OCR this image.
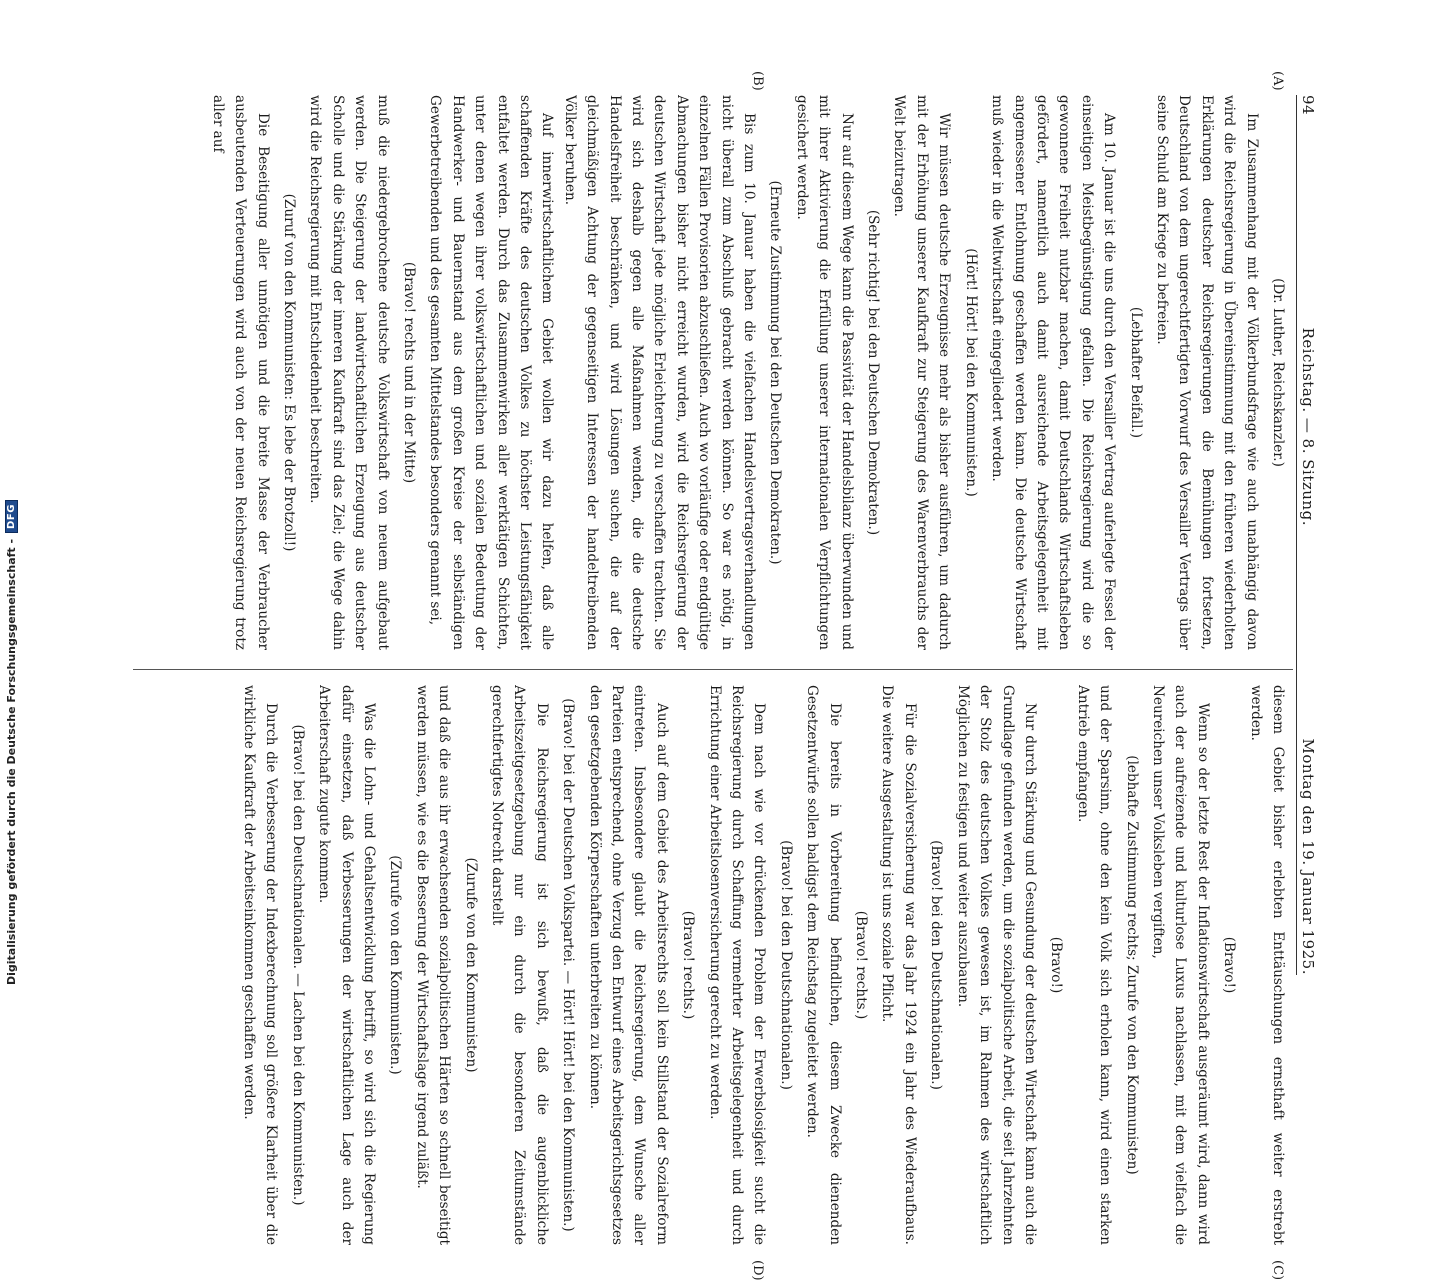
94
Reichstag. — 8. Sitzung.
Montag den 19. Januar 1925.
(A)
(B)
(C)
(D)

(Dr. Luther, Reichskanzler.)

Im Zusammenhang mit der Völkerbundsfrage wie auch unabhängig davon wird die Reichsregierung in Übereinstimmung mit den früheren wiederholten Erklärungen deutscher Reichsregierungen die Bemühungen fortsetzen, Deutschland von dem ungerechtfertigten Vorwurf des Versailler Vertrags über seine Schuld am Kriege zu befreien.

(Lebhafter Beifall.)

Am 10. Januar ist die uns durch den Versailler Vertrag auferlegte Fessel der einseitigen Meistbegünstigung gefallen. Die Reichsregierung wird die so gewonnene Freiheit nutzbar machen, damit Deutschlands Wirtschaftsleben gefördert, namentlich auch damit ausreichende Arbeitsgelegenheit mit angemessener Entlohnung geschaffen werden kann. Die deutsche Wirtschaft muß wieder in die Weltwirtschaft eingegliedert werden.

(Hört! Hört! bei den Kommunisten.)

Wir müssen deutsche Erzeugnisse mehr als bisher ausführen, um dadurch mit der Erhöhung unserer Kaufkraft zur Steigerung des Warenverbrauchs der Welt beizutragen.

(Sehr richtig! bei den Deutschen Demokraten.)

Nur auf diesem Wege kann die Passivität der Handelsbilanz überwunden und mit ihrer Aktivierung die Erfüllung unserer internationalen Verpflichtungen gesichert werden.

(Erneute Zustimmung bei den Deutschen Demokraten.)

Bis zum 10. Januar haben die vielfachen Handelsvertragsverhandlungen nicht überall zum Abschluß gebracht werden können. So war es nötig, in einzelnen Fällen Provisorien abzuschließen. Auch wo vorläufige oder endgültige Abmachungen bisher nicht erreicht wurden, wird die Reichsregierung der deutschen Wirtschaft jede mögliche Erleichterung zu verschaffen trachten. Sie wird sich deshalb gegen alle Maßnahmen wenden, die die deutsche Handelsfreiheit beschränken, und wird Lösungen suchen, die auf der gleichmäßigen Achtung der gegenseitigen Interessen der handeltreibenden Völker beruhen.

Auf innerwirtschaftlichem Gebiet wollen wir dazu helfen, daß alle schaffenden Kräfte des deutschen Volkes zu höchster Leistungsfähigkeit entfaltet werden. Durch das Zusammenwirken aller werktätigen Schichten, unter denen wegen ihrer volkswirtschaftlichen und sozialen Bedeutung der Handwerker- und Bauernstand aus dem großen Kreise der selbständigen Gewerbetreibenden und des gesamten Mittelstandes besonders genannt sei,

(Bravo! rechts und in der Mitte)

muß die niedergebrochene deutsche Volkswirtschaft von neuem aufgebaut werden. Die Steigerung der landwirtschaftlichen Erzeugung aus deutscher Scholle und die Stärkung der inneren Kaufkraft sind das Ziel; die Wege dahin wird die Reichsregierung mit Entschiedenheit beschreiten.

(Zuruf von den Kommunisten: Es lebe der Brotzoll!)

Die Beseitigung aller unnötigen und die breite Masse der Verbraucher ausbeutenden Verteuerungen wird auch von der neuen Reichsregierung trotz aller auf

diesem Gebiet bisher erlebten Enttäuschungen ernsthaft weiter erstrebt werden.

(Bravo!)

Wenn so der letzte Rest der Inflationswirtschaft ausgeräumt wird, dann wird auch der aufreizende und kulturlose Luxus nachlassen, mit dem vielfach die Neureichen unser Volksleben vergiften,

(lebhafte Zustimmung rechts; Zurufe von den Kommunisten)

und der Sparsinn, ohne den kein Volk sich erholen kann, wird einen starken Antrieb empfangen.

(Bravo!)

Nur durch Stärkung und Gesundung der deutschen Wirtschaft kann auch die Grundlage gefunden werden, um die sozialpolitische Arbeit, die seit Jahrzehnten der Stolz des deutschen Volkes gewesen ist, im Rahmen des wirtschaftlich Möglichen zu festigen und weiter auszubauen.

(Bravo! bei den Deutschnationalen.)

Für die Sozialversicherung war das Jahr 1924 ein Jahr des Wiederaufbaus. Die weitere Ausgestaltung ist uns soziale Pflicht.

(Bravo! rechts.)

Die bereits in Vorbereitung befindlichen, diesem Zwecke dienenden Gesetzentwürfe sollen baldigst dem Reichstag zugeleitet werden.

(Bravo! bei den Deutschnationalen.)

Dem nach wie vor drückenden Problem der Erwerbslosigkeit sucht die Reichsregierung durch Schaffung vermehrter Arbeitsgelegenheit und durch Errichtung einer Arbeitslosenversicherung gerecht zu werden.

(Bravo! rechts.)

Auch auf dem Gebiet des Arbeitsrechts soll kein Stillstand der Sozialreform eintreten. Insbesondere glaubt die Reichsregierung, dem Wunsche aller Parteien entsprechend, ohne Verzug den Entwurf eines Arbeitsgerichtsgesetzes den gesetzgebenden Körperschaften unterbreiten zu können.

(Bravo! bei der Deutschen Volkspartei. — Hört! Hört! bei den Kommunisten.)

Die Reichsregierung ist sich bewußt, daß die augenblickliche Arbeitszeitgesetzgebung nur ein durch die besonderen Zeitumstände gerechtfertigtes Notrecht darstellt

(Zurufe von den Kommunisten)

und daß die aus ihr erwachsenden sozialpolitischen Härten so schnell beseitigt werden müssen, wie es die Besserung der Wirtschaftslage irgend zuläßt.

(Zurufe von den Kommunisten.)

Was die Lohn- und Gehaltsentwicklung betrifft, so wird sich die Regierung dafür einsetzen, daß Verbesserungen der wirtschaftlichen Lage auch der Arbeiterschaft zugute kommen.

(Bravo! bei den Deutschnationalen. — Lachen bei den Kommunisten.)

Durch die Verbesserung der Indexberechnung soll größere Klarheit über die wirkliche Kaufkraft der Arbeitseinkommen geschaffen werden.

Digitalisierung gefördert durch die Deutsche Forschungsgemeinschaft -
DFG
